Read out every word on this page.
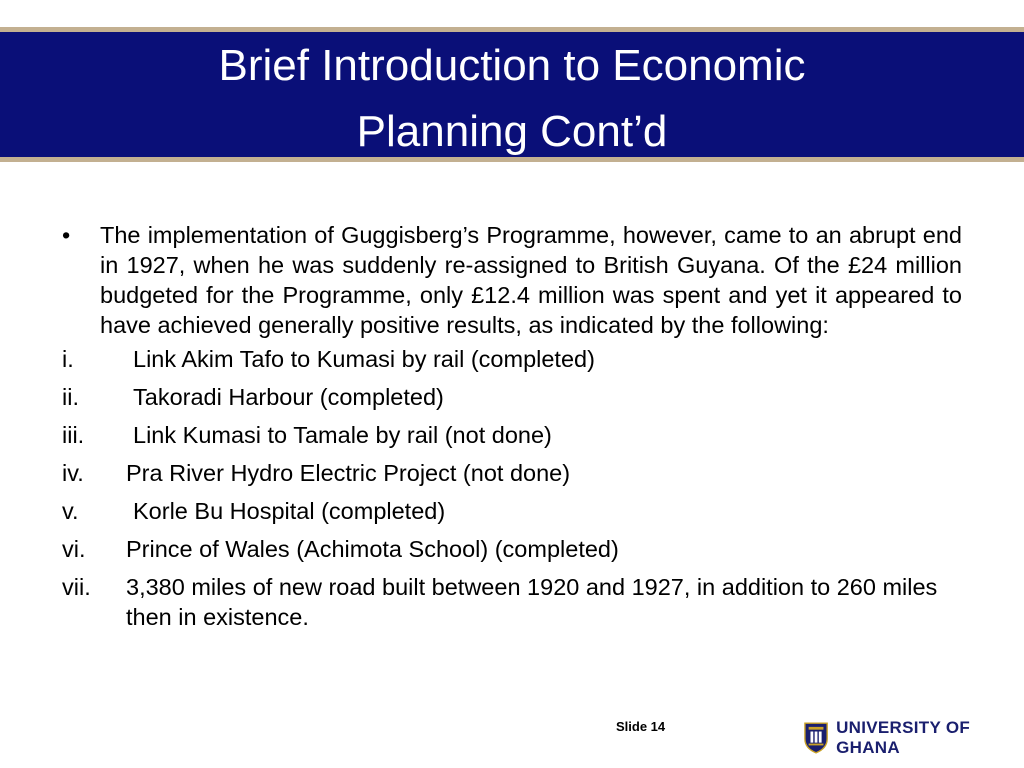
Brief Introduction to Economic
Planning Cont’d

• The implementation of Guggisberg’s Programme, however, came to an abrupt end in 1927, when he was suddenly re-assigned to British Guyana. Of the £24 million budgeted for the Programme, only £12.4 million was spent and yet it appeared to have achieved generally positive results, as indicated by the following:

i.	Link Akim Tafo to Kumasi by rail (completed)
ii. Takoradi Harbour (completed)
iii. Link Kumasi to Tamale by rail (not done)
iv. Pra River Hydro Electric Project (not done)
v. Korle Bu Hospital (completed)
vi. Prince of Wales (Achimota School) (completed)
vii. 3,380 miles of new road built between 1920 and 1927, in addition to 260 miles then in existence.
Slide 14	UNIVERSITY OF GHANA
